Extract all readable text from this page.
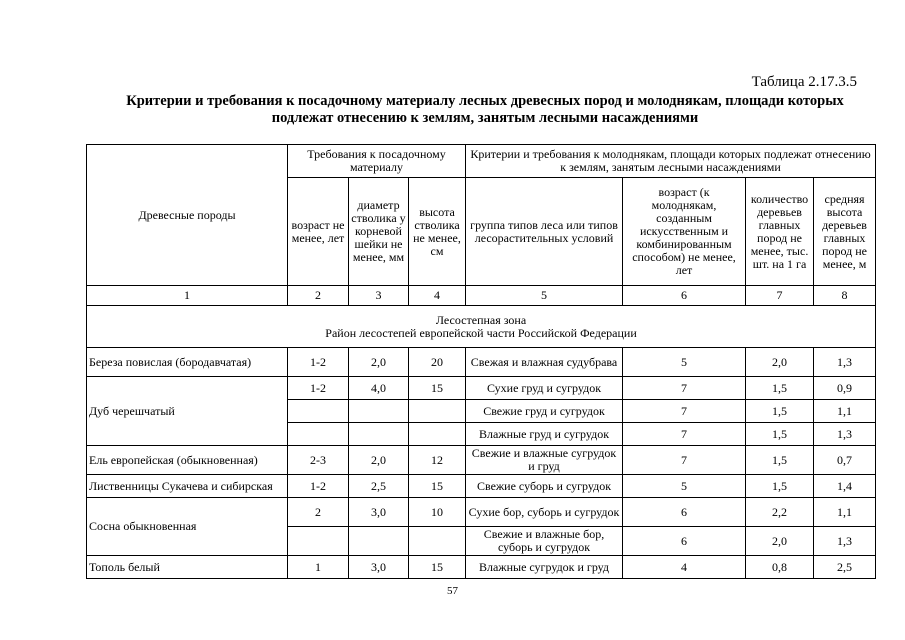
Таблица 2.17.3.5
Критерии и требования к посадочному материалу лесных древесных пород и молоднякам, площади которых
подлежат отнесению к землям, занятым лесными насаждениями
Древесные породы	Требования к посадочному материалу			Критерии и требования к молоднякам, площади которых подлежат отнесению к землям, занятым лесными насаждениями			
	возраст не менее, лет	диаметр стволика у корневой шейки не менее, мм	высота стволика не менее, см	группа типов леса или типов лесорастительных условий	возраст (к молоднякам, созданным искусственным и комбинированным способом) не менее, лет	количество деревьев главных пород не менее, тыс. шт. на 1 га	средняя высота деревьев главных пород не менее, м
1	2	3	4	5	6	7	8

Лесостепная зона
Район лесостепей европейской части Российской Федерации							

Береза повислая (бородавчатая)	1-2	2,0	20	Свежая и влажная судубрава	5	2,0	1,3
Дуб черешчатый	1-2	4,0	15	Сухие груд и сугрудок	7	1,5	0,9
				Свежие груд и сугрудок	7	1,5	1,1
				Влажные груд и сугрудок	7	1,5	1,3
Ель европейская (обыкновенная)	2-3	2,0	12	Свежие и влажные сугрудок и груд	7	1,5	0,7
Лиственницы Сукачева и сибирская	1-2	2,5	15	Свежие суборь и сугрудок	5	1,5	1,4
Сосна обыкновенная	2	3,0	10	Сухие бор, суборь и сугрудок	6	2,2	1,1
				Свежие и влажные бор, суборь и сугрудок	6	2,0	1,3
Тополь белый	1	3,0	15	Влажные сугрудок и груд	4	0,8	2,5
57
